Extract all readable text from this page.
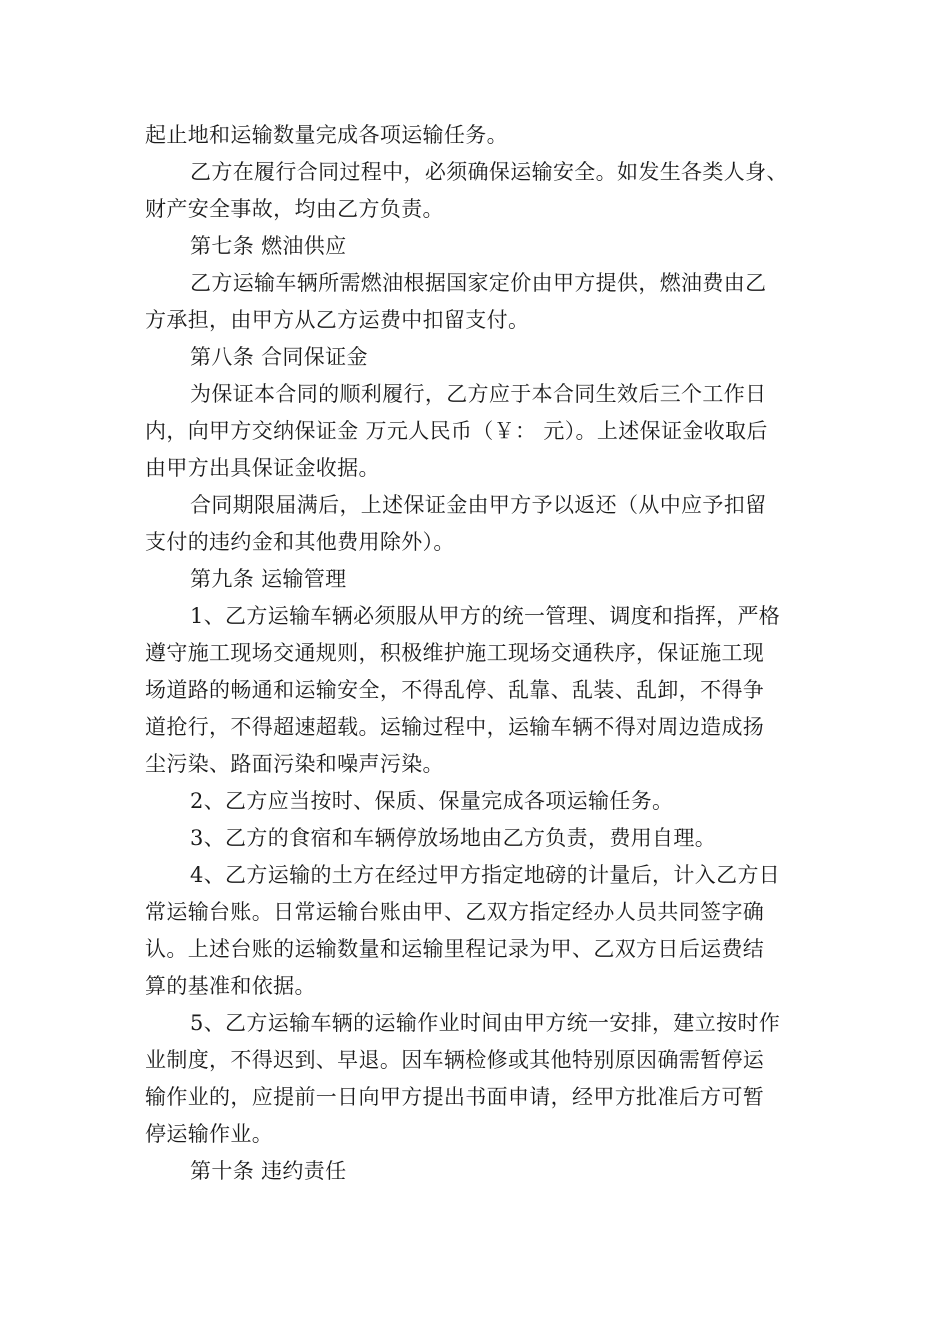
起止地和运输数量完成各项运输任务。
乙方在履行合同过程中，必须确保运输安全。如发生各类人身、
财产安全事故，均由乙方负责。
第七条 燃油供应
乙方运输车辆所需燃油根据国家定价由甲方提供，燃油费由乙
方承担，由甲方从乙方运费中扣留支付。
第八条 合同保证金
为保证本合同的顺利履行，乙方应于本合同生效后三个工作日
内，向甲方交纳保证金 万元人民币（￥： 元）。上述保证金收取后
由甲方出具保证金收据。
合同期限届满后，上述保证金由甲方予以返还（从中应予扣留
支付的违约金和其他费用除外）。
第九条 运输管理
1、乙方运输车辆必须服从甲方的统一管理、调度和指挥，严格
遵守施工现场交通规则，积极维护施工现场交通秩序，保证施工现
场道路的畅通和运输安全，不得乱停、乱靠、乱装、乱卸，不得争
道抢行，不得超速超载。运输过程中，运输车辆不得对周边造成扬
尘污染、路面污染和噪声污染。
2、乙方应当按时、保质、保量完成各项运输任务。
3、乙方的食宿和车辆停放场地由乙方负责，费用自理。
4、乙方运输的土方在经过甲方指定地磅的计量后，计入乙方日
常运输台账。日常运输台账由甲、乙双方指定经办人员共同签字确
认。上述台账的运输数量和运输里程记录为甲、乙双方日后运费结
算的基准和依据。
5、乙方运输车辆的运输作业时间由甲方统一安排，建立按时作
业制度，不得迟到、早退。因车辆检修或其他特别原因确需暂停运
输作业的，应提前一日向甲方提出书面申请，经甲方批准后方可暂
停运输作业。
第十条 违约责任
